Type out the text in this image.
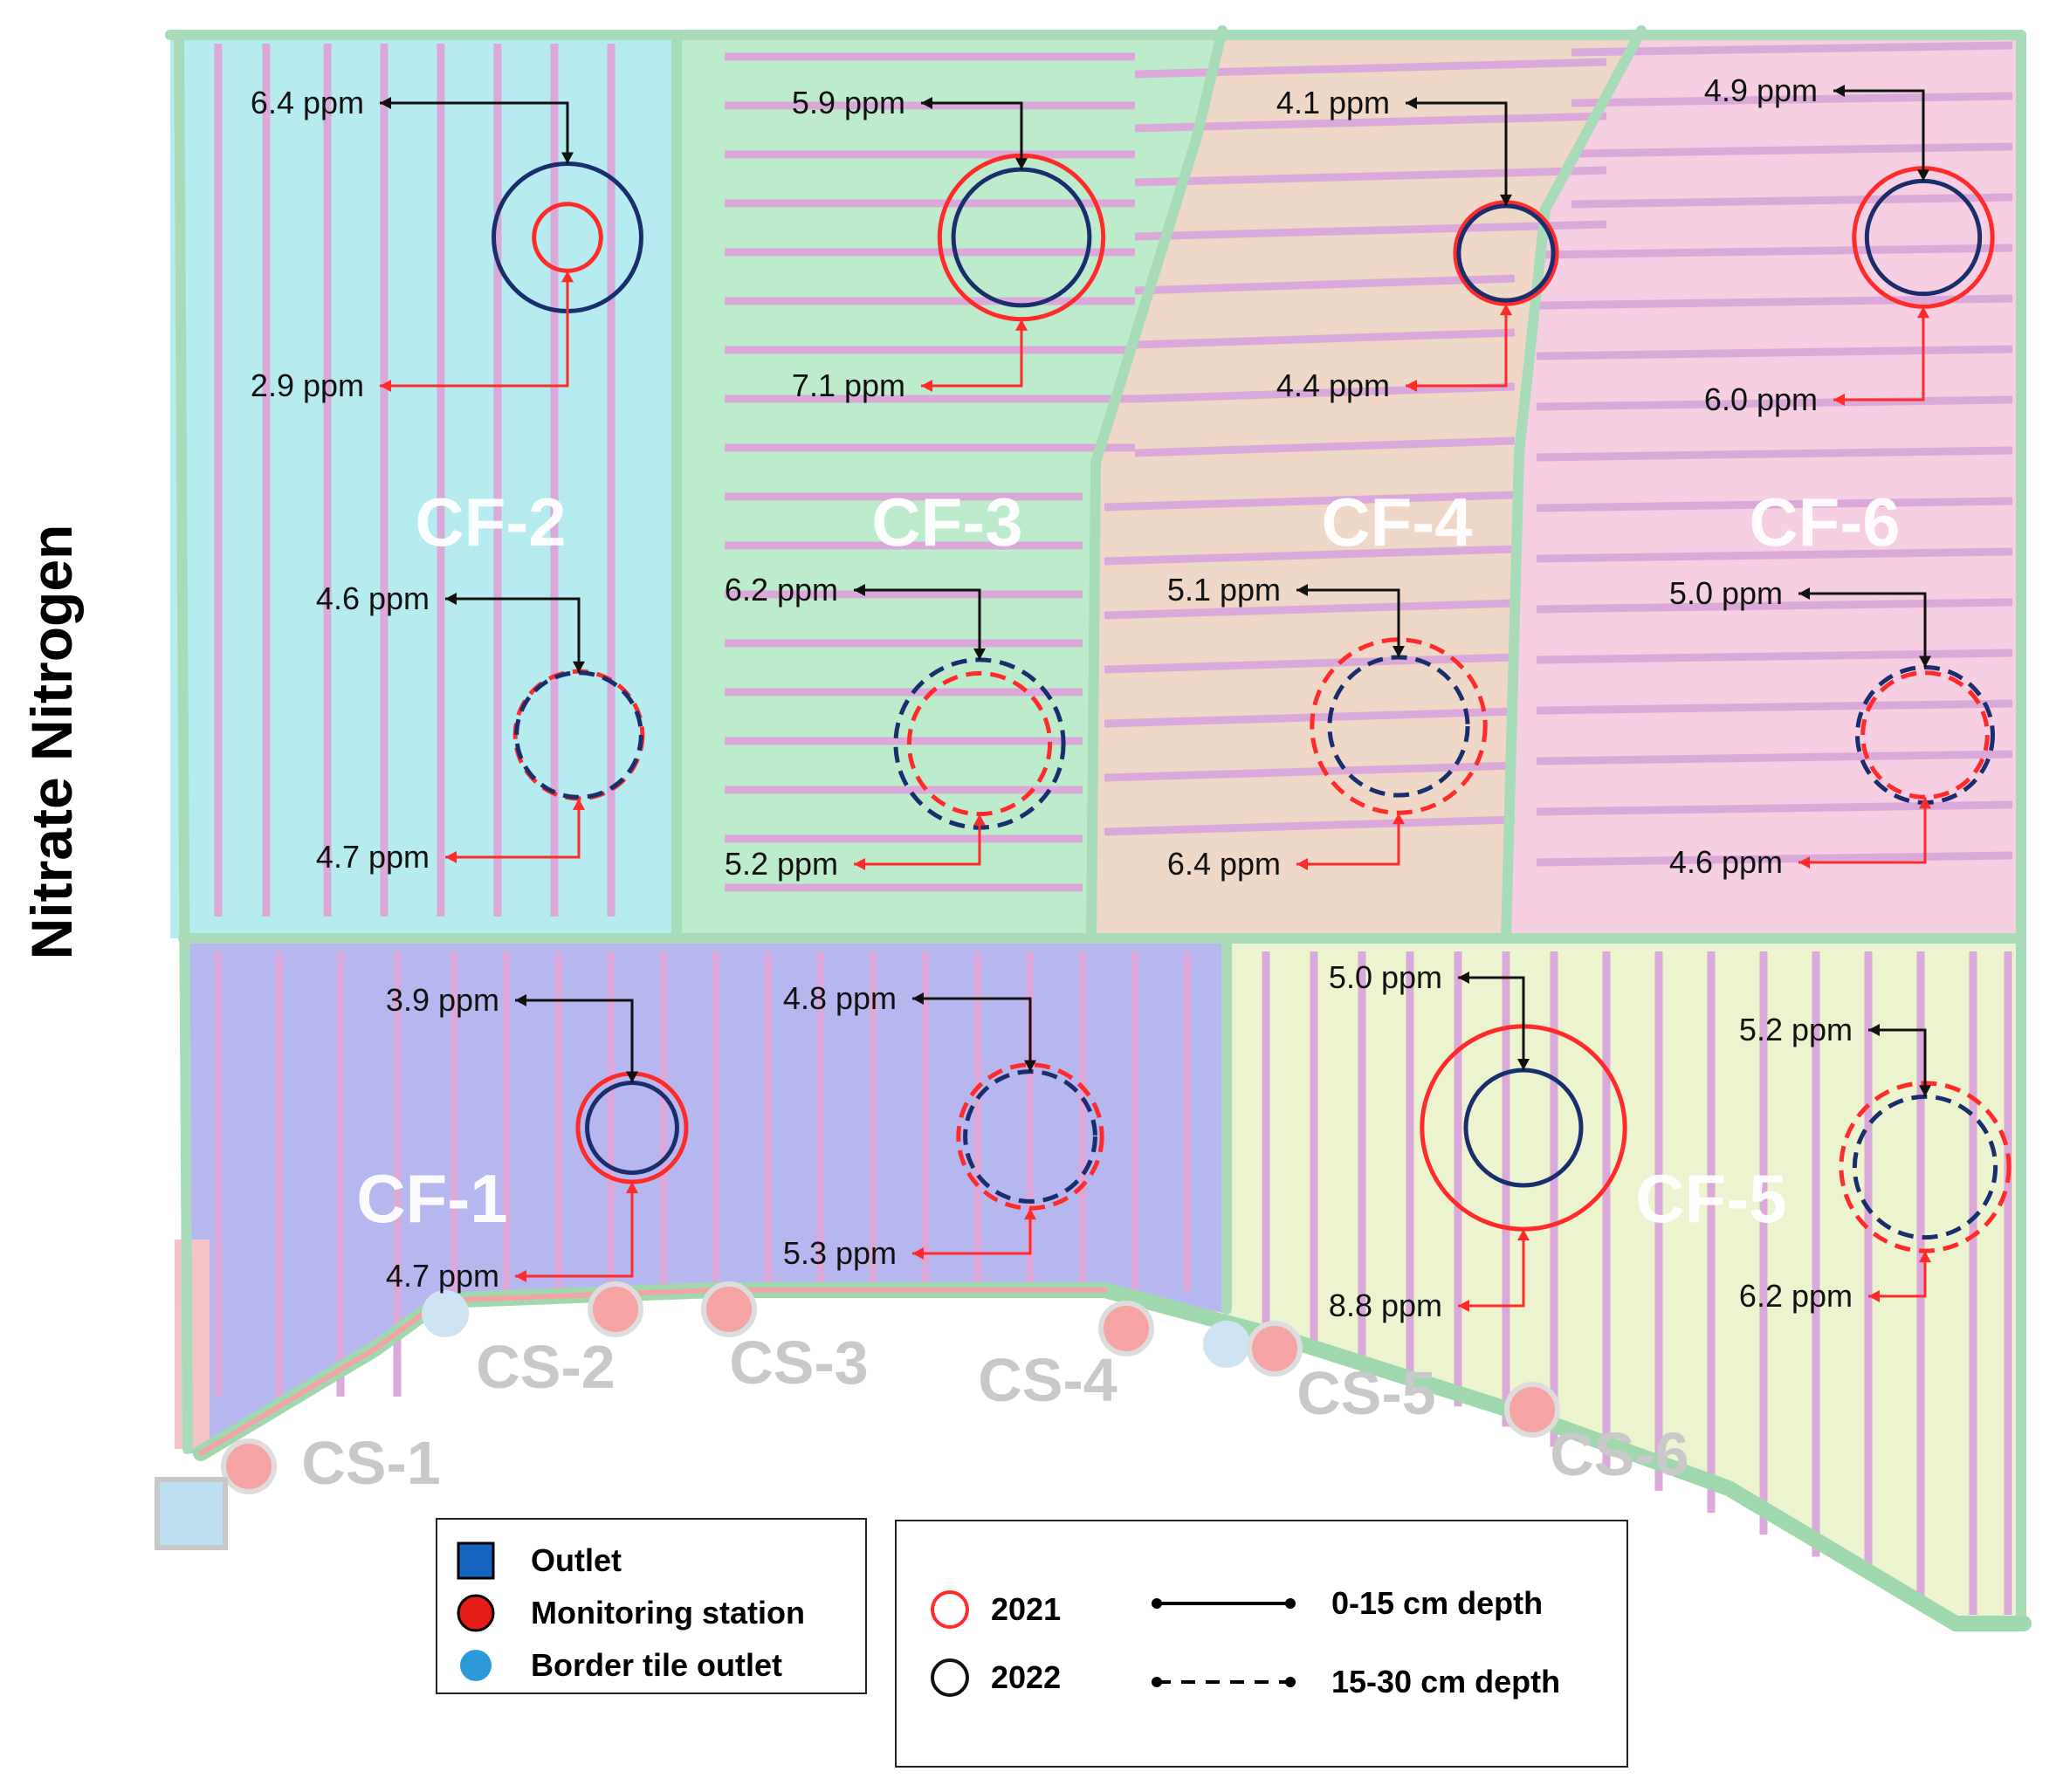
Nitrate Nitrogen
CS-1
CS-2 CS-3 CS-4	CS-5
CS-6
CF-1
CF-2	CF-3	CF-4
CF-5
CF-6
6.4 ppm
2.9 ppm
5.9 ppm
7.1 ppm
4.1 ppm
4.4 ppm
4.9 ppm
6.0 ppm
4.6 ppm
4.7 ppm
6.2 ppm
5.2 ppm
5.1 ppm
6.4 ppm
5.0 ppm
4.6 ppm
3.9 ppm
4.7 ppm
4.8 ppm
5.3 ppm
5.0 ppm
8.8 ppm
5.2 ppm
6.2 ppm
Outlet
Monitoring station
Border tile outlet
2021
2022
0-15 cm depth
15-30 cm depth
